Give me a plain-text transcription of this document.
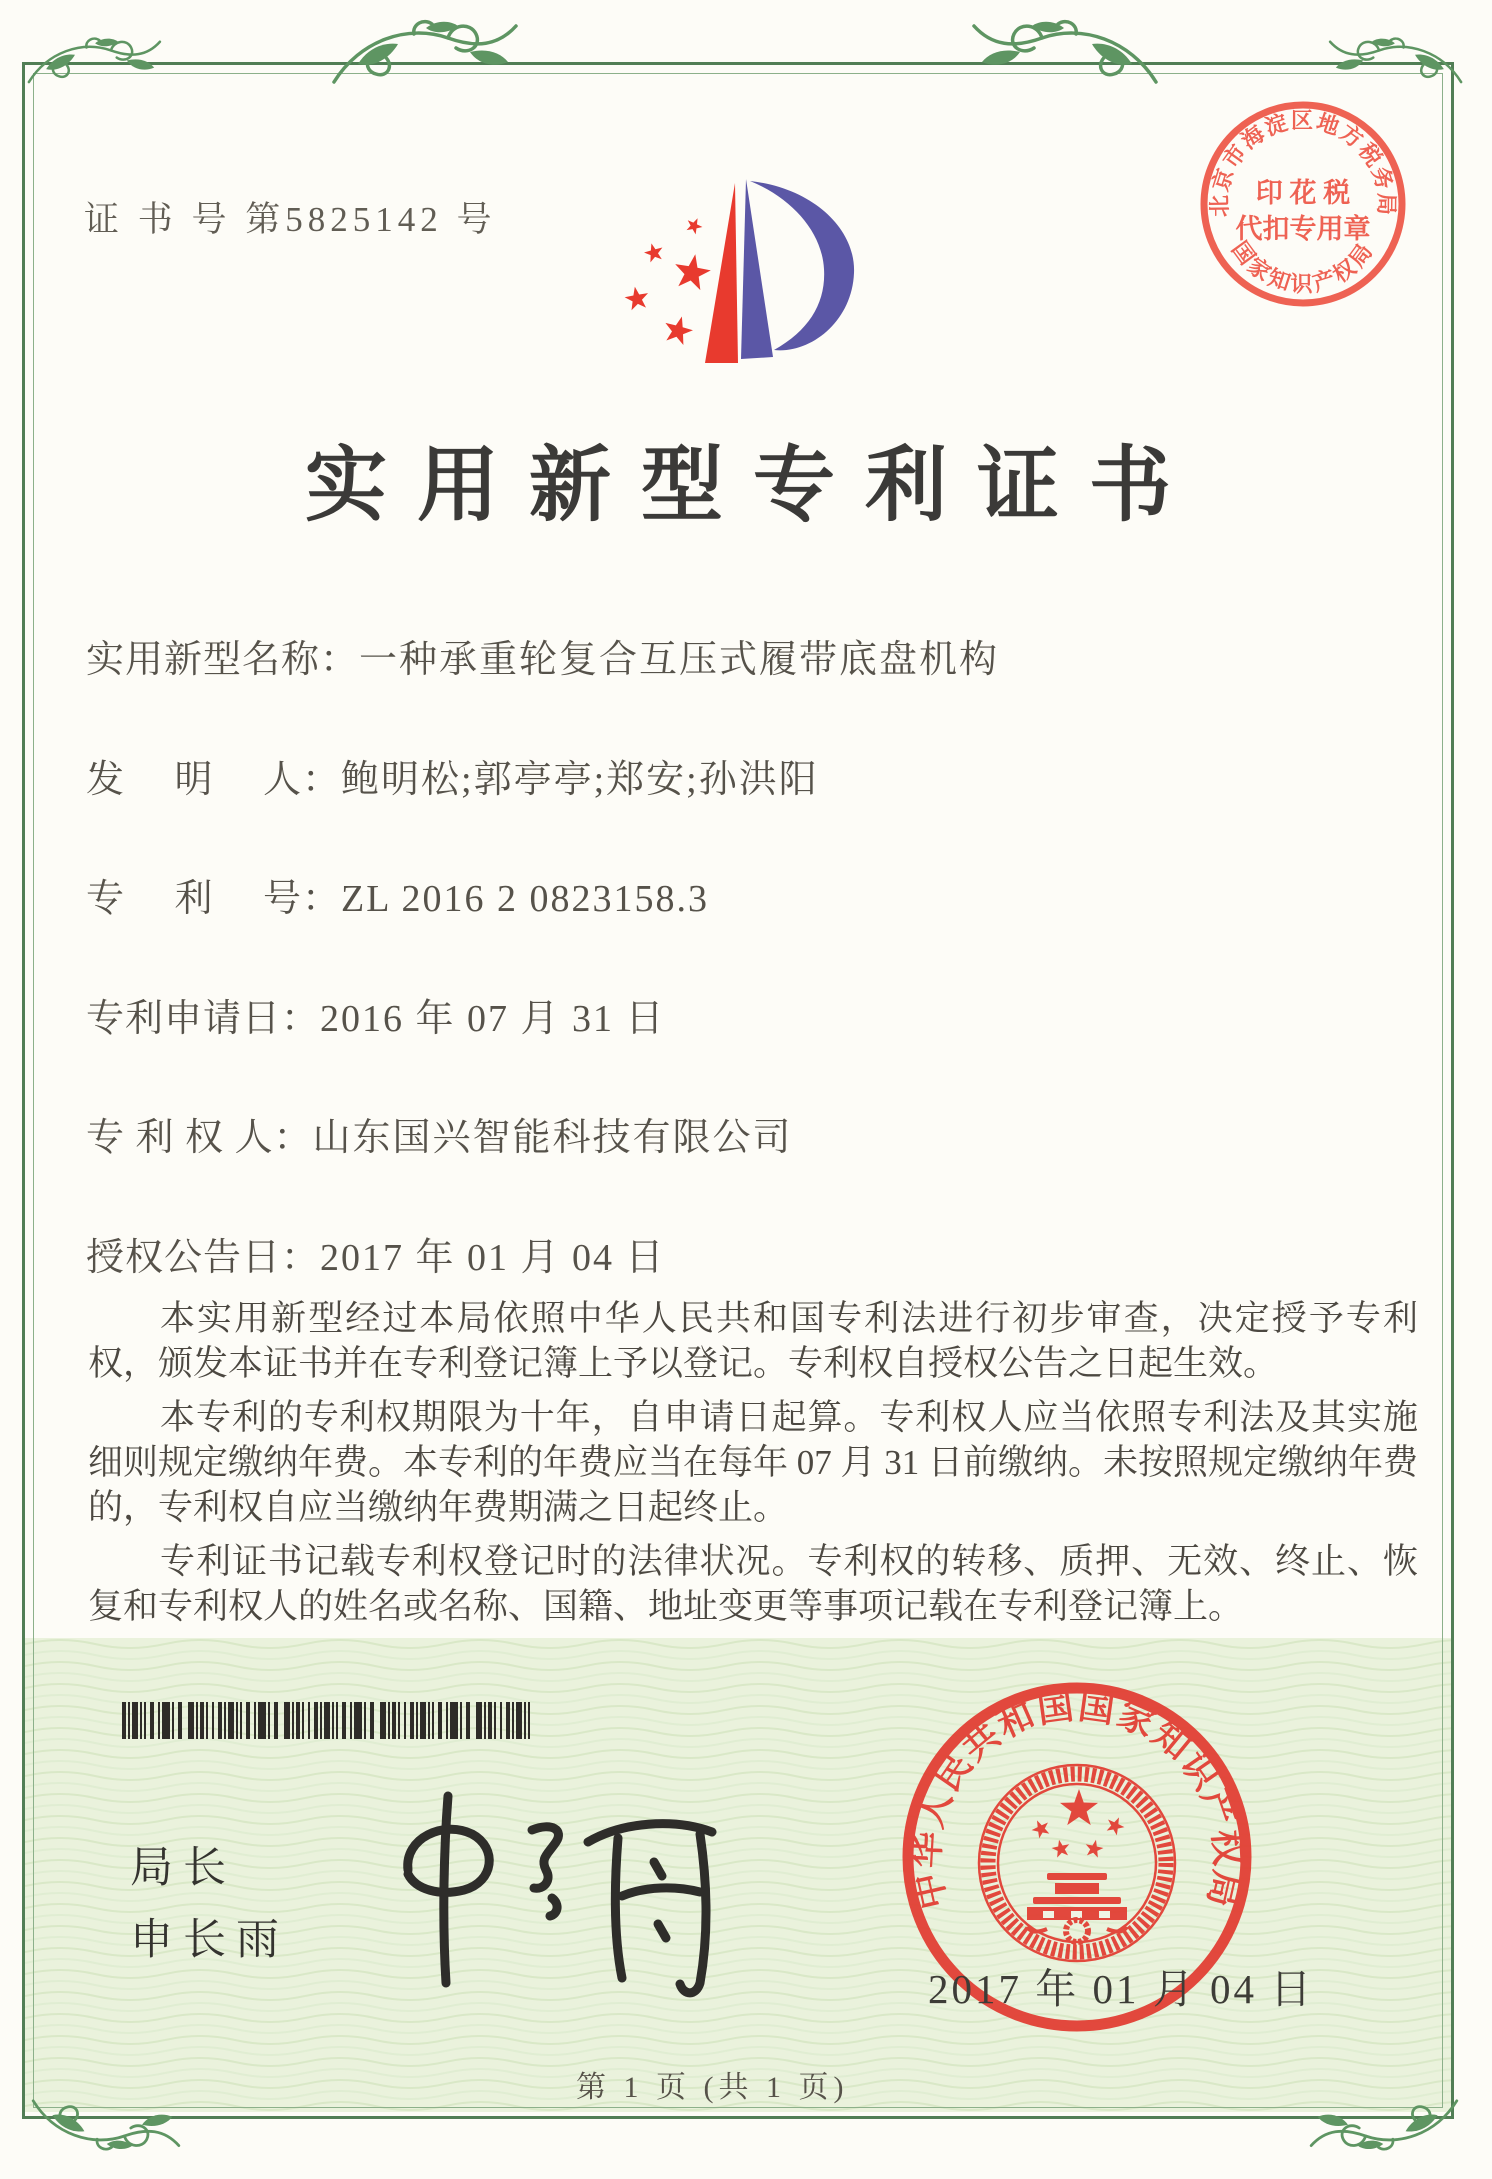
证 书 号 第5825142 号	北京市海淀区地方税务局
国家知识产权局
印 花 税
代扣专用章
实用新型专利证书
实用新型名称：一种承重轮复合互压式履带底盘机构
发　 明　 人：鲍明松;郭亭亭;郑安;孙洪阳
专　 利　 号：ZL 2016 2 0823158.3
专利申请日：2016 年 07 月 31 日
专 利 权 人：山东国兴智能科技有限公司
授权公告日：2017 年 01 月 04 日

本实用新型经过本局依照中华人民共和国专利法进行初步审查，决定授予专利权，颁发本证书并在专利登记簿上予以登记。专利权自授权公告之日起生效。

本专利的专利权期限为十年，自申请日起算。专利权人应当依照专利法及其实施细则规定缴纳年费。本专利的年费应当在每年 07 月 31 日前缴纳。未按照规定缴纳年费的，专利权自应当缴纳年费期满之日起终止。

专利证书记载专利权登记时的法律状况。专利权的转移、质押、无效、终止、恢复和专利权人的姓名或名称、国籍、地址变更等事项记载在专利登记簿上。

局长
申长雨
中华人民共和国国家知识产权局
2017 年 01 月 04 日
第 1 页 (共 1 页)
